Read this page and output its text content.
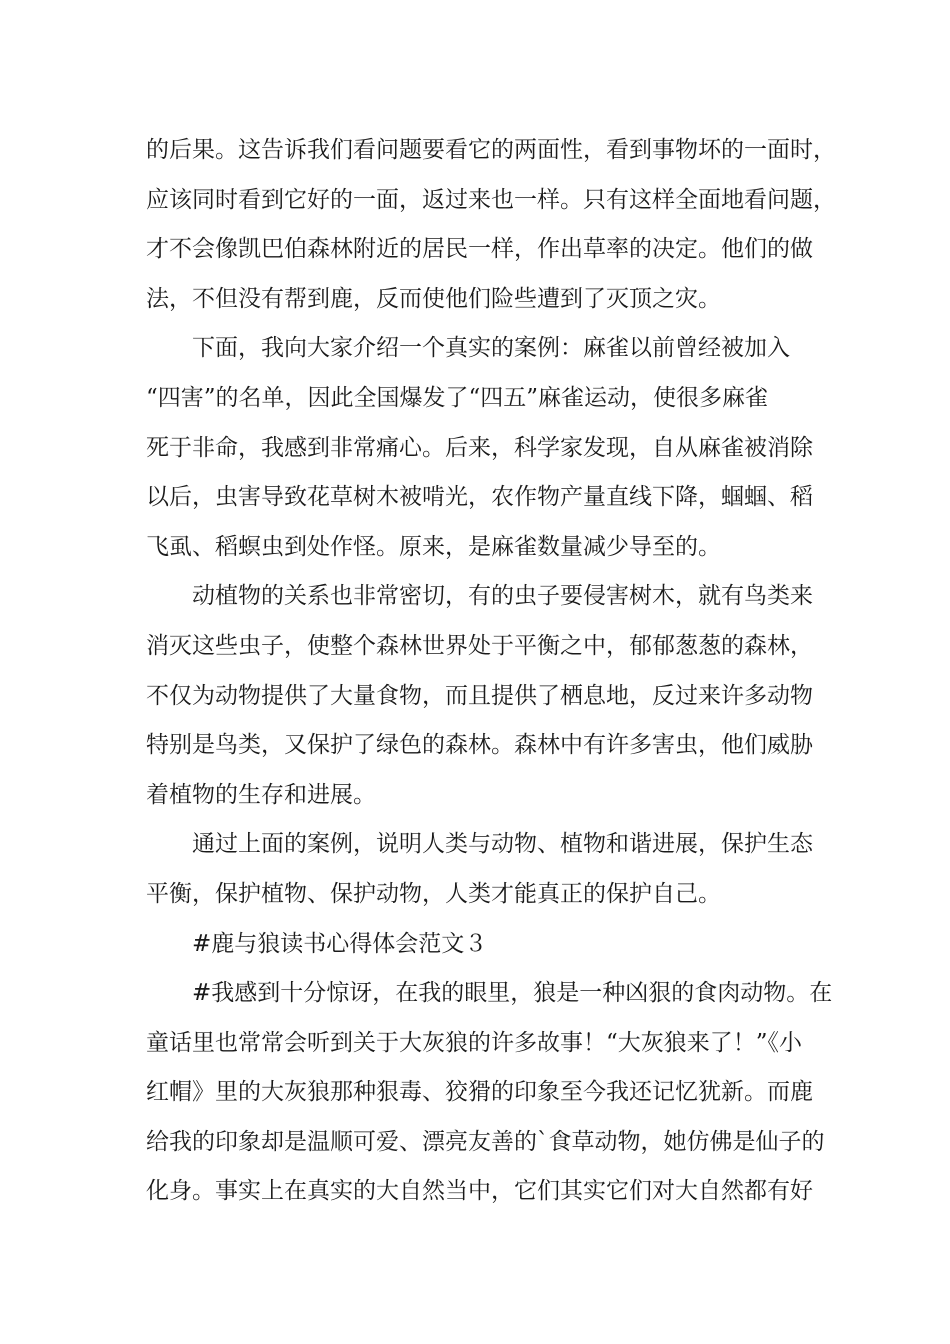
的后果。这告诉我们看问题要看它的两面性，看到事物坏的一面时，
应该同时看到它好的一面，返过来也一样。只有这样全面地看问题，
才不会像凯巴伯森林附近的居民一样，作出草率的决定。他们的做
法，不但没有帮到鹿，反而使他们险些遭到了灭顶之灾。
下面，我向大家介绍一个真实的案例：麻雀以前曾经被加入
“四害”的名单，因此全国爆发了“四五”麻雀运动，使很多麻雀
死于非命，我感到非常痛心。后来，科学家发现，自从麻雀被消除
以后，虫害导致花草树木被啃光，农作物产量直线下降，蝈蝈、稻
飞虱、稻螟虫到处作怪。原来，是麻雀数量减少导至的。
动植物的关系也非常密切，有的虫子要侵害树木，就有鸟类来
消灭这些虫子，使整个森林世界处于平衡之中，郁郁葱葱的森林，
不仅为动物提供了大量食物，而且提供了栖息地，反过来许多动物
特别是鸟类，又保护了绿色的森林。森林中有许多害虫，他们威胁
着植物的生存和进展。
通过上面的案例，说明人类与动物、植物和谐进展，保护生态
平衡，保护植物、保护动物，人类才能真正的保护自己。
#鹿与狼读书心得体会范文３
#我感到十分惊讶，在我的眼里，狼是一种凶狠的食肉动物。在
童话里也常常会听到关于大灰狼的许多故事！“大灰狼来了！”《小
红帽》里的大灰狼那种狠毒、狡猾的印象至今我还记忆犹新。而鹿
给我的印象却是温顺可爱、漂亮友善的`食草动物，她仿佛是仙子的
化身。事实上在真实的大自然当中，它们其实它们对大自然都有好
